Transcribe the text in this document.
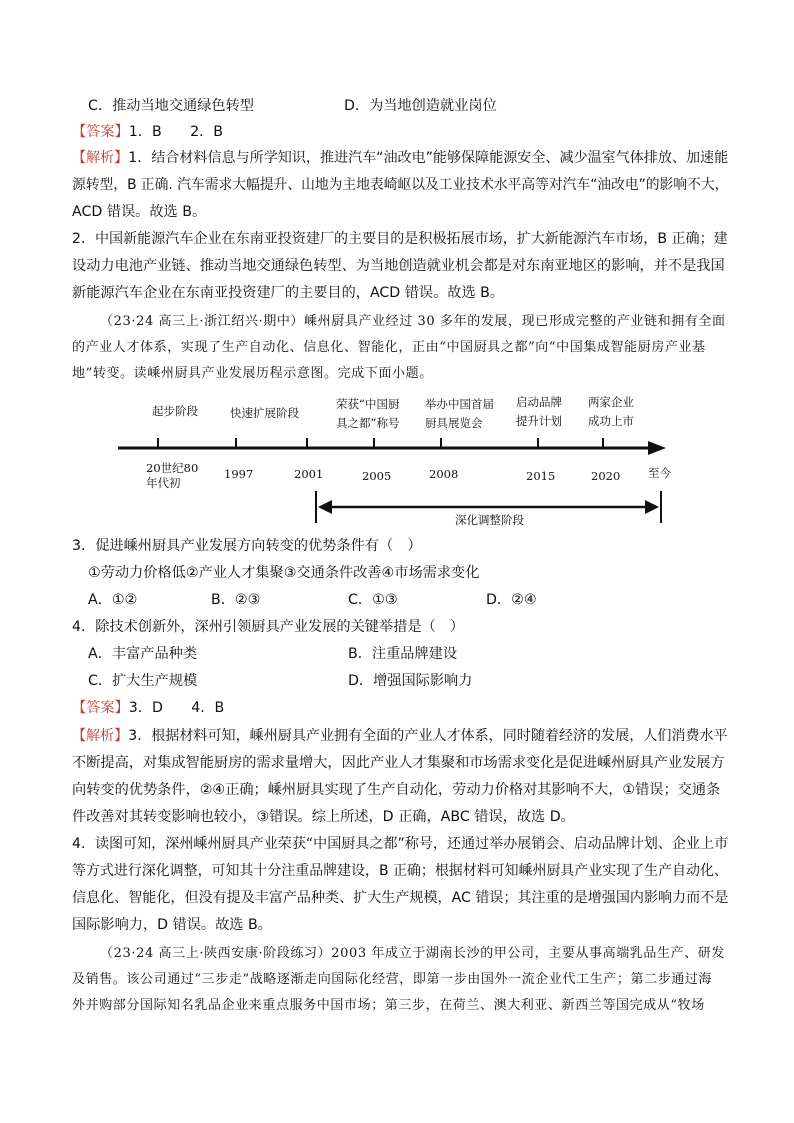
C．推动当地交通绿色转型	D．为当地创造就业岗位
【答案】1．B　　2．B
【解析】1．结合材料信息与所学知识，推进汽车“油改电”能够保障能源安全、减少温室气体排放、加速能
源转型，B 正确. 汽车需求大幅提升、山地为主地表崎岖以及工业技术水平高等对汽车“油改电”的影响不大，
ACD 错误。故选 B。
2．中国新能源汽车企业在东南亚投资建厂的主要目的是积极拓展市场，扩大新能源汽车市场，B 正确；建
设动力电池产业链、推动当地交通绿色转型、为当地创造就业机会都是对东南亚地区的影响，并不是我国
新能源汽车企业在东南亚投资建厂的主要目的，ACD 错误。故选 B。
（23·24 高三上·浙江绍兴·期中）嵊州厨具产业经过 30 多年的发展，现已形成完整的产业链和拥有全面
的产业人才体系，实现了生产自动化、信息化、智能化，正由“中国厨具之都”向“中国集成智能厨房产业基
地”转变。读嵊州厨具产业发展历程示意图。完成下面小题。
起步阶段	快速扩展阶段
荣获“中国厨
具之都”称号
举办中国首届
厨具展览会
启动品牌
提升计划
两家企业
成功上市
20世纪80
年代初
1997	2001	2005	2008	2015	2020 至今
深化调整阶段
3．促进嵊州厨具产业发展方向转变的优势条件有（　）
①劳动力价格低②产业人才集聚③交通条件改善④市场需求变化
A．①②	B．②③	C．①③	D．②④
4．除技术创新外，深州引领厨具产业发展的关键举措是（　）
A．丰富产品种类	B．注重品牌建设
C．扩大生产规模	D．增强国际影响力
【答案】3．D　　4．B
【解析】3．根据材料可知，嵊州厨具产业拥有全面的产业人才体系，同时随着经济的发展，人们消费水平
不断提高，对集成智能厨房的需求量增大，因此产业人才集聚和市场需求变化是促进嵊州厨具产业发展方
向转变的优势条件，②④正确；嵊州厨具实现了生产自动化，劳动力价格对其影响不大，①错误；交通条
件改善对其转变影响也较小，③错误。综上所述，D 正确，ABC 错误，故选 D。
4．读图可知，深州嵊州厨具产业荣获“中国厨具之都”称号，还通过举办展销会、启动品牌计划、企业上市
等方式进行深化调整，可知其十分注重品牌建设，B 正确；根据材料可知嵊州厨具产业实现了生产自动化、
信息化、智能化，但没有提及丰富产品种类、扩大生产规模，AC 错误；其注重的是增强国内影响力而不是
国际影响力，D 错误。故选 B。
（23·24 高三上·陕西安康·阶段练习）2003 年成立于湖南长沙的甲公司，主要从事高端乳品生产、研发
及销售。该公司通过“三步走”战略逐渐走向国际化经营，即第一步由国外一流企业代工生产；第二步通过海
外并购部分国际知名乳品企业来重点服务中国市场；第三步，在荷兰、澳大利亚、新西兰等国完成从“牧场
